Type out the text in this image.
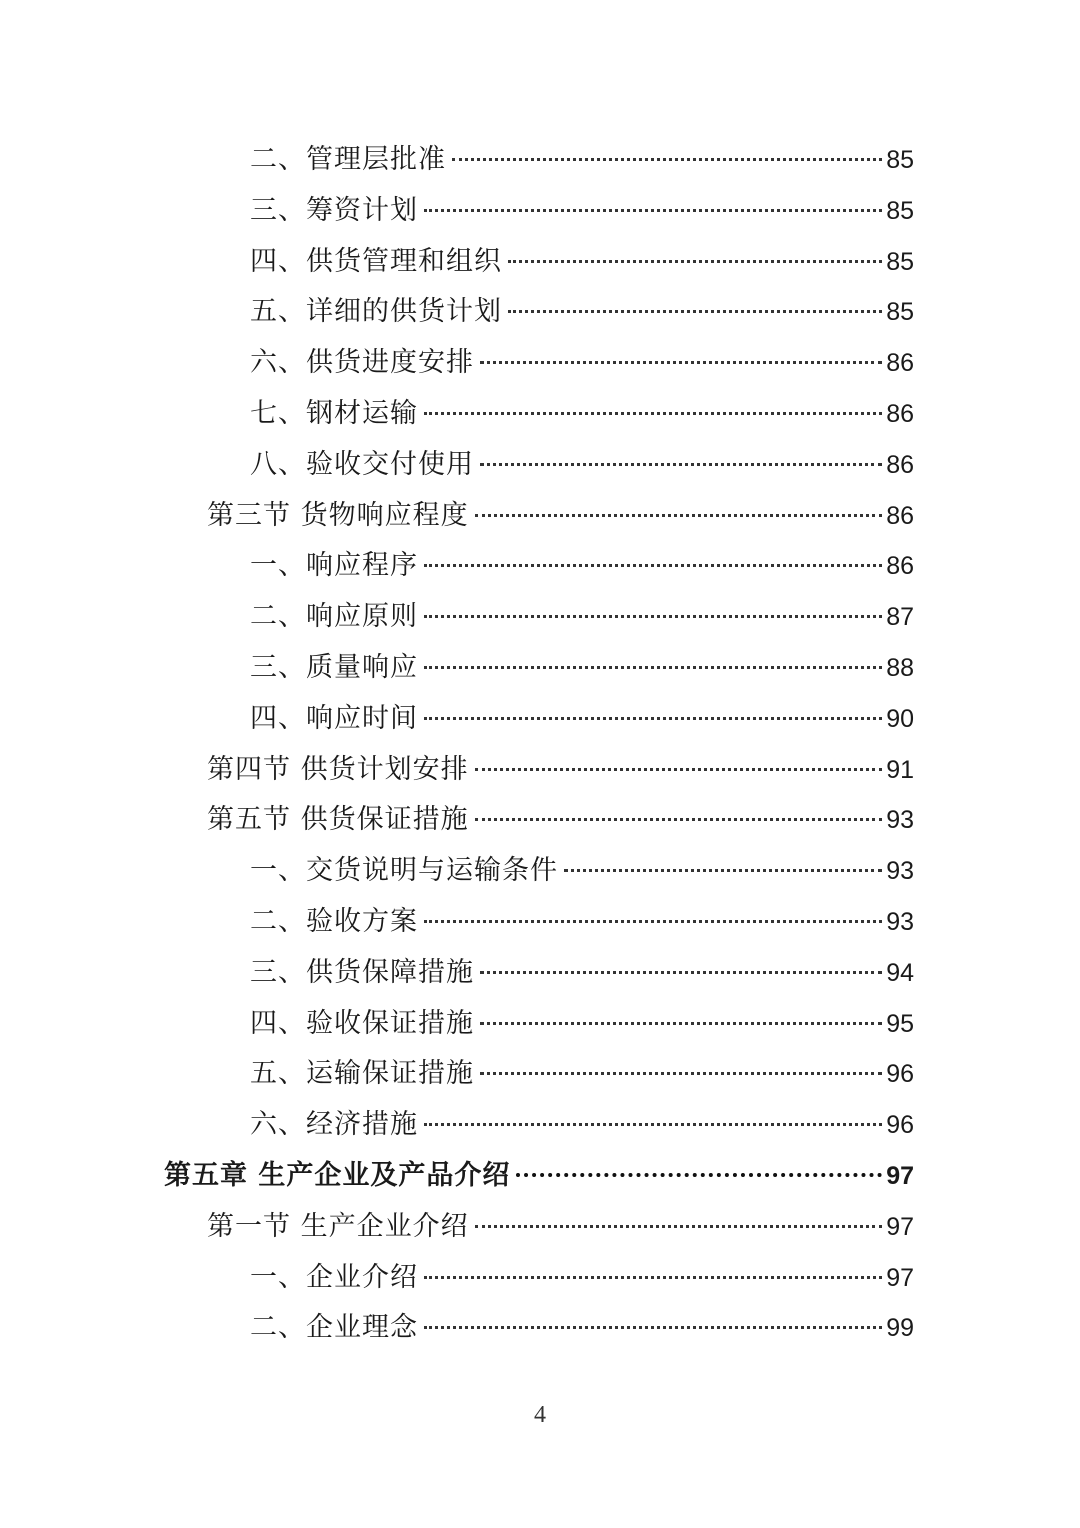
二、管理层批准	85
三、筹资计划	85
四、供货管理和组织	85
五、详细的供货计划	85
六、供货进度安排	86
七、钢材运输	86
八、验收交付使用	86
第三节 货物响应程度	86
一、响应程序	86
二、响应原则	87
三、质量响应	88
四、响应时间	90
第四节 供货计划安排	91
第五节 供货保证措施	93
一、交货说明与运输条件	93
二、验收方案	93
三、供货保障措施	94
四、验收保证措施	95
五、运输保证措施	96
六、经济措施	96
第五章 生产企业及产品介绍	97
第一节 生产企业介绍	97
一、企业介绍	97
二、企业理念	99
4
